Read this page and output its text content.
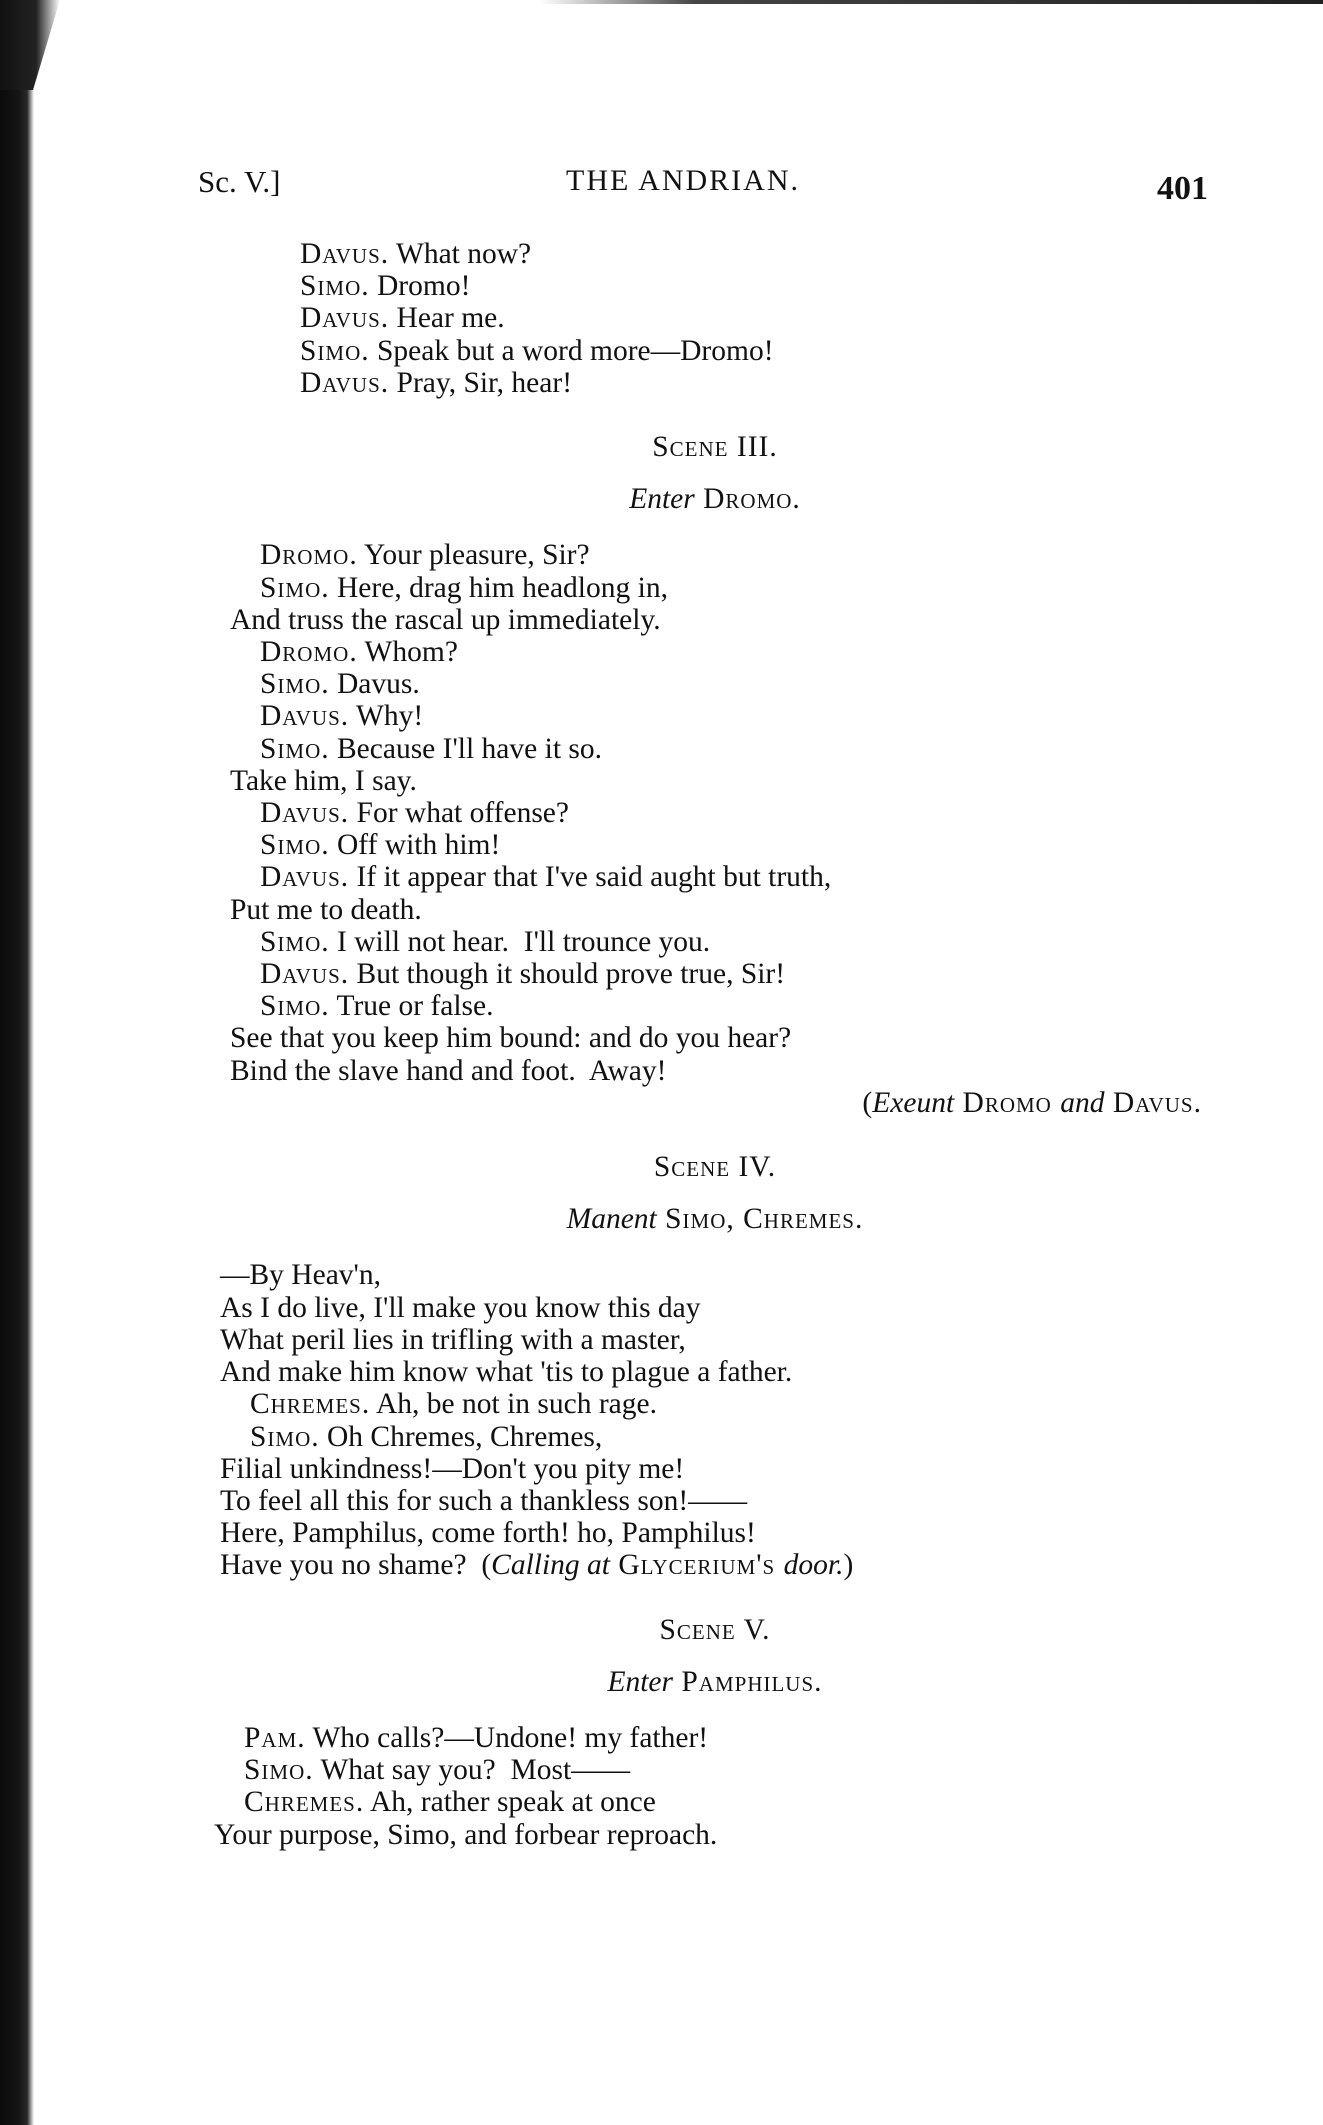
Sc. V.]	THE ANDRIAN.	401

Davus. What now?

Simo. Dromo!

Davus. Hear me.

Simo. Speak but a word more—Dromo!

Davus. Pray, Sir, hear!

Scene III.
Enter Dromo.

Dromo. Your pleasure, Sir?

Simo. Here, drag him headlong in,

And truss the rascal up immediately.

Dromo. Whom?

Simo. Davus.

Davus. Why!

Simo. Because I'll have it so.

Take him, I say.

Davus. For what offense?

Simo. Off with him!

Davus. If it appear that I've said aught but truth,

Put me to death.

Simo. I will not hear.  I'll trounce you.

Davus. But though it should prove true, Sir!

Simo. True or false.

See that you keep him bound: and do you hear?

Bind the slave hand and foot.  Away!

(Exeunt Dromo and Davus.

Scene IV.
Manent Simo, Chremes.

—By Heav'n,

As I do live, I'll make you know this day

What peril lies in trifling with a master,

And make him know what 'tis to plague a father.

Chremes. Ah, be not in such rage.

Simo. Oh Chremes, Chremes,

Filial unkindness!—Don't you pity me!

To feel all this for such a thankless son!——

Here, Pamphilus, come forth! ho, Pamphilus!

Have you no shame?  (Calling at Glycerium's door.)

Scene V.
Enter Pamphilus.

Pam. Who calls?—Undone! my father!

Simo. What say you?  Most——

Chremes. Ah, rather speak at once

Your purpose, Simo, and forbear reproach.
